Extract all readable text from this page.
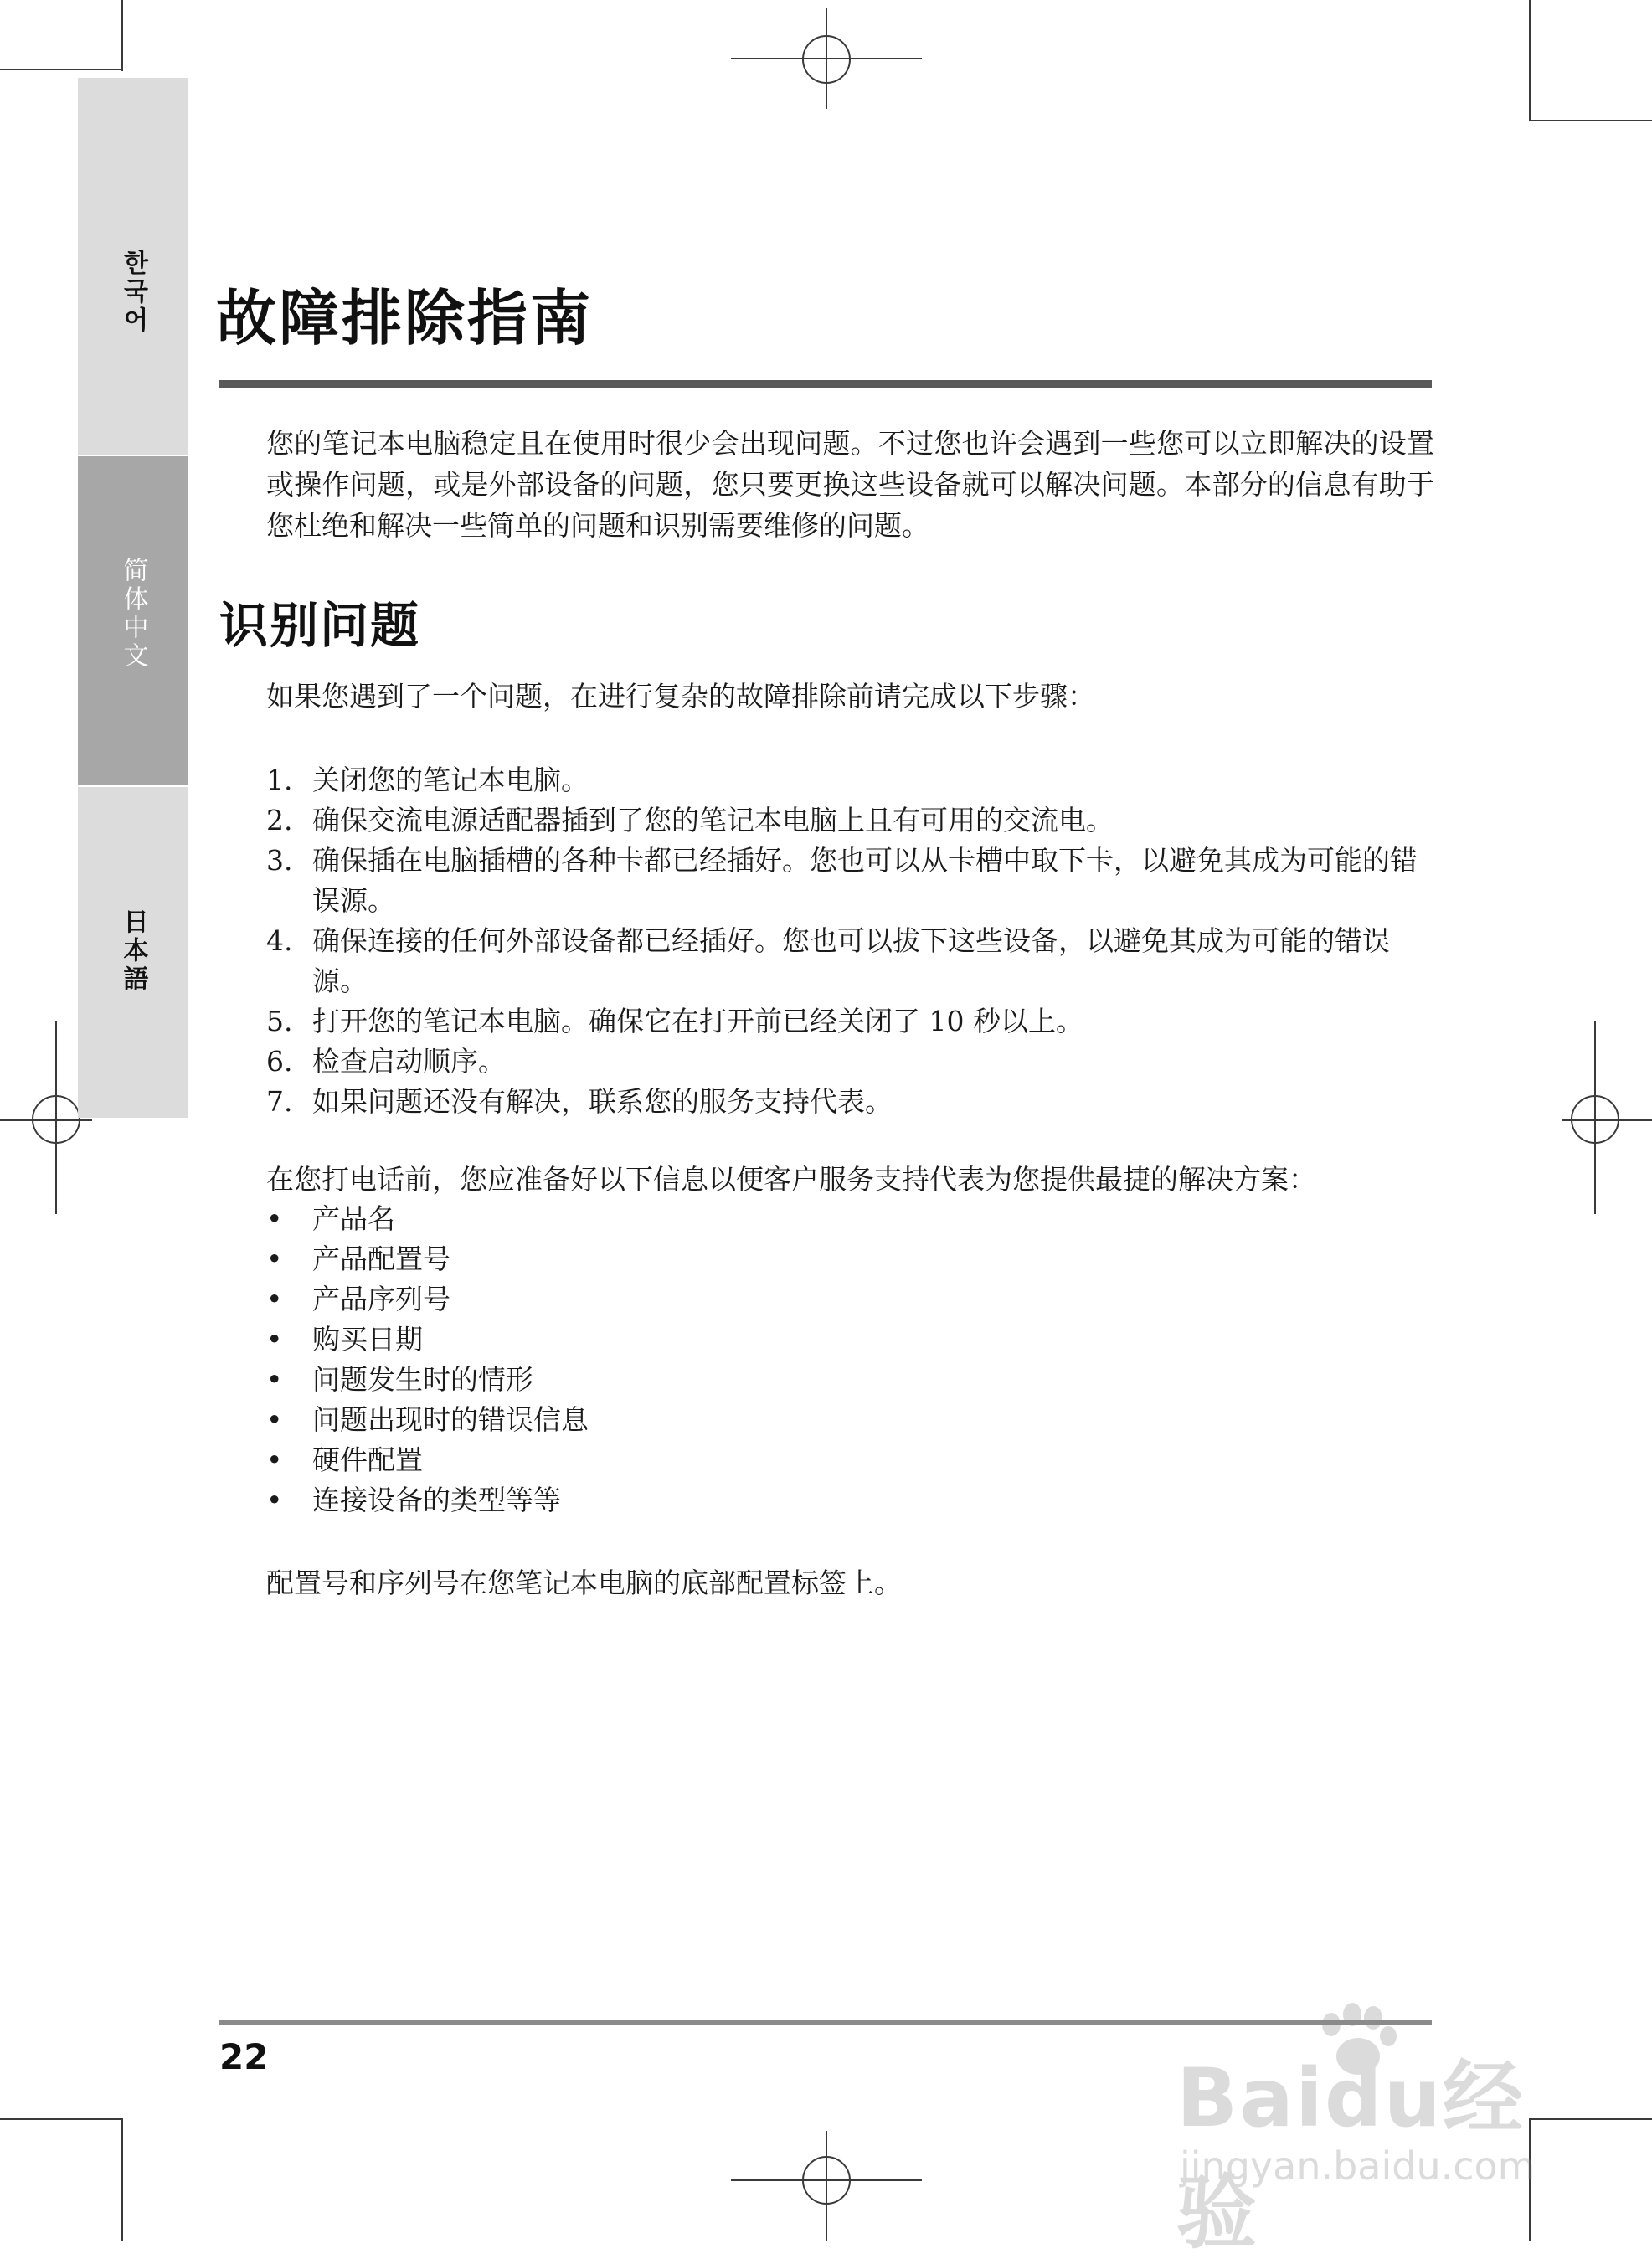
한국어
简体中文
日本語
故障排除指南

您的笔记本电脑稳定且在使用时很少会出现问题。不过您也许会遇到一些您可以立即解决的设置或操作问题，或是外部设备的问题，您只要更换这些设备就可以解决问题。本部分的信息有助于您杜绝和解决一些简单的问题和识别需要维修的问题。

识别问题

如果您遇到了一个问题，在进行复杂的故障排除前请完成以下步骤：

1. 关闭您的笔记本电脑。
2. 确保交流电源适配器插到了您的笔记本电脑上且有可用的交流电。
3. 确保插在电脑插槽的各种卡都已经插好。您也可以从卡槽中取下卡，以避免其成为可能的错误源。
4. 确保连接的任何外部设备都已经插好。您也可以拔下这些设备，以避免其成为可能的错误源。
5. 打开您的笔记本电脑。确保它在打开前已经关闭了 10 秒以上。
6. 检查启动顺序。
7. 如果问题还没有解决，联系您的服务支持代表。

在您打电话前，您应准备好以下信息以便客户服务支持代表为您提供最捷的解决方案：

• 产品名
• 产品配置号
• 产品序列号
• 购买日期
• 问题发生时的情形
• 问题出现时的错误信息
• 硬件配置
• 连接设备的类型等等

配置号和序列号在您笔记本电脑的底部配置标签上。

22	Baidu经验
jingyan.baidu.com
